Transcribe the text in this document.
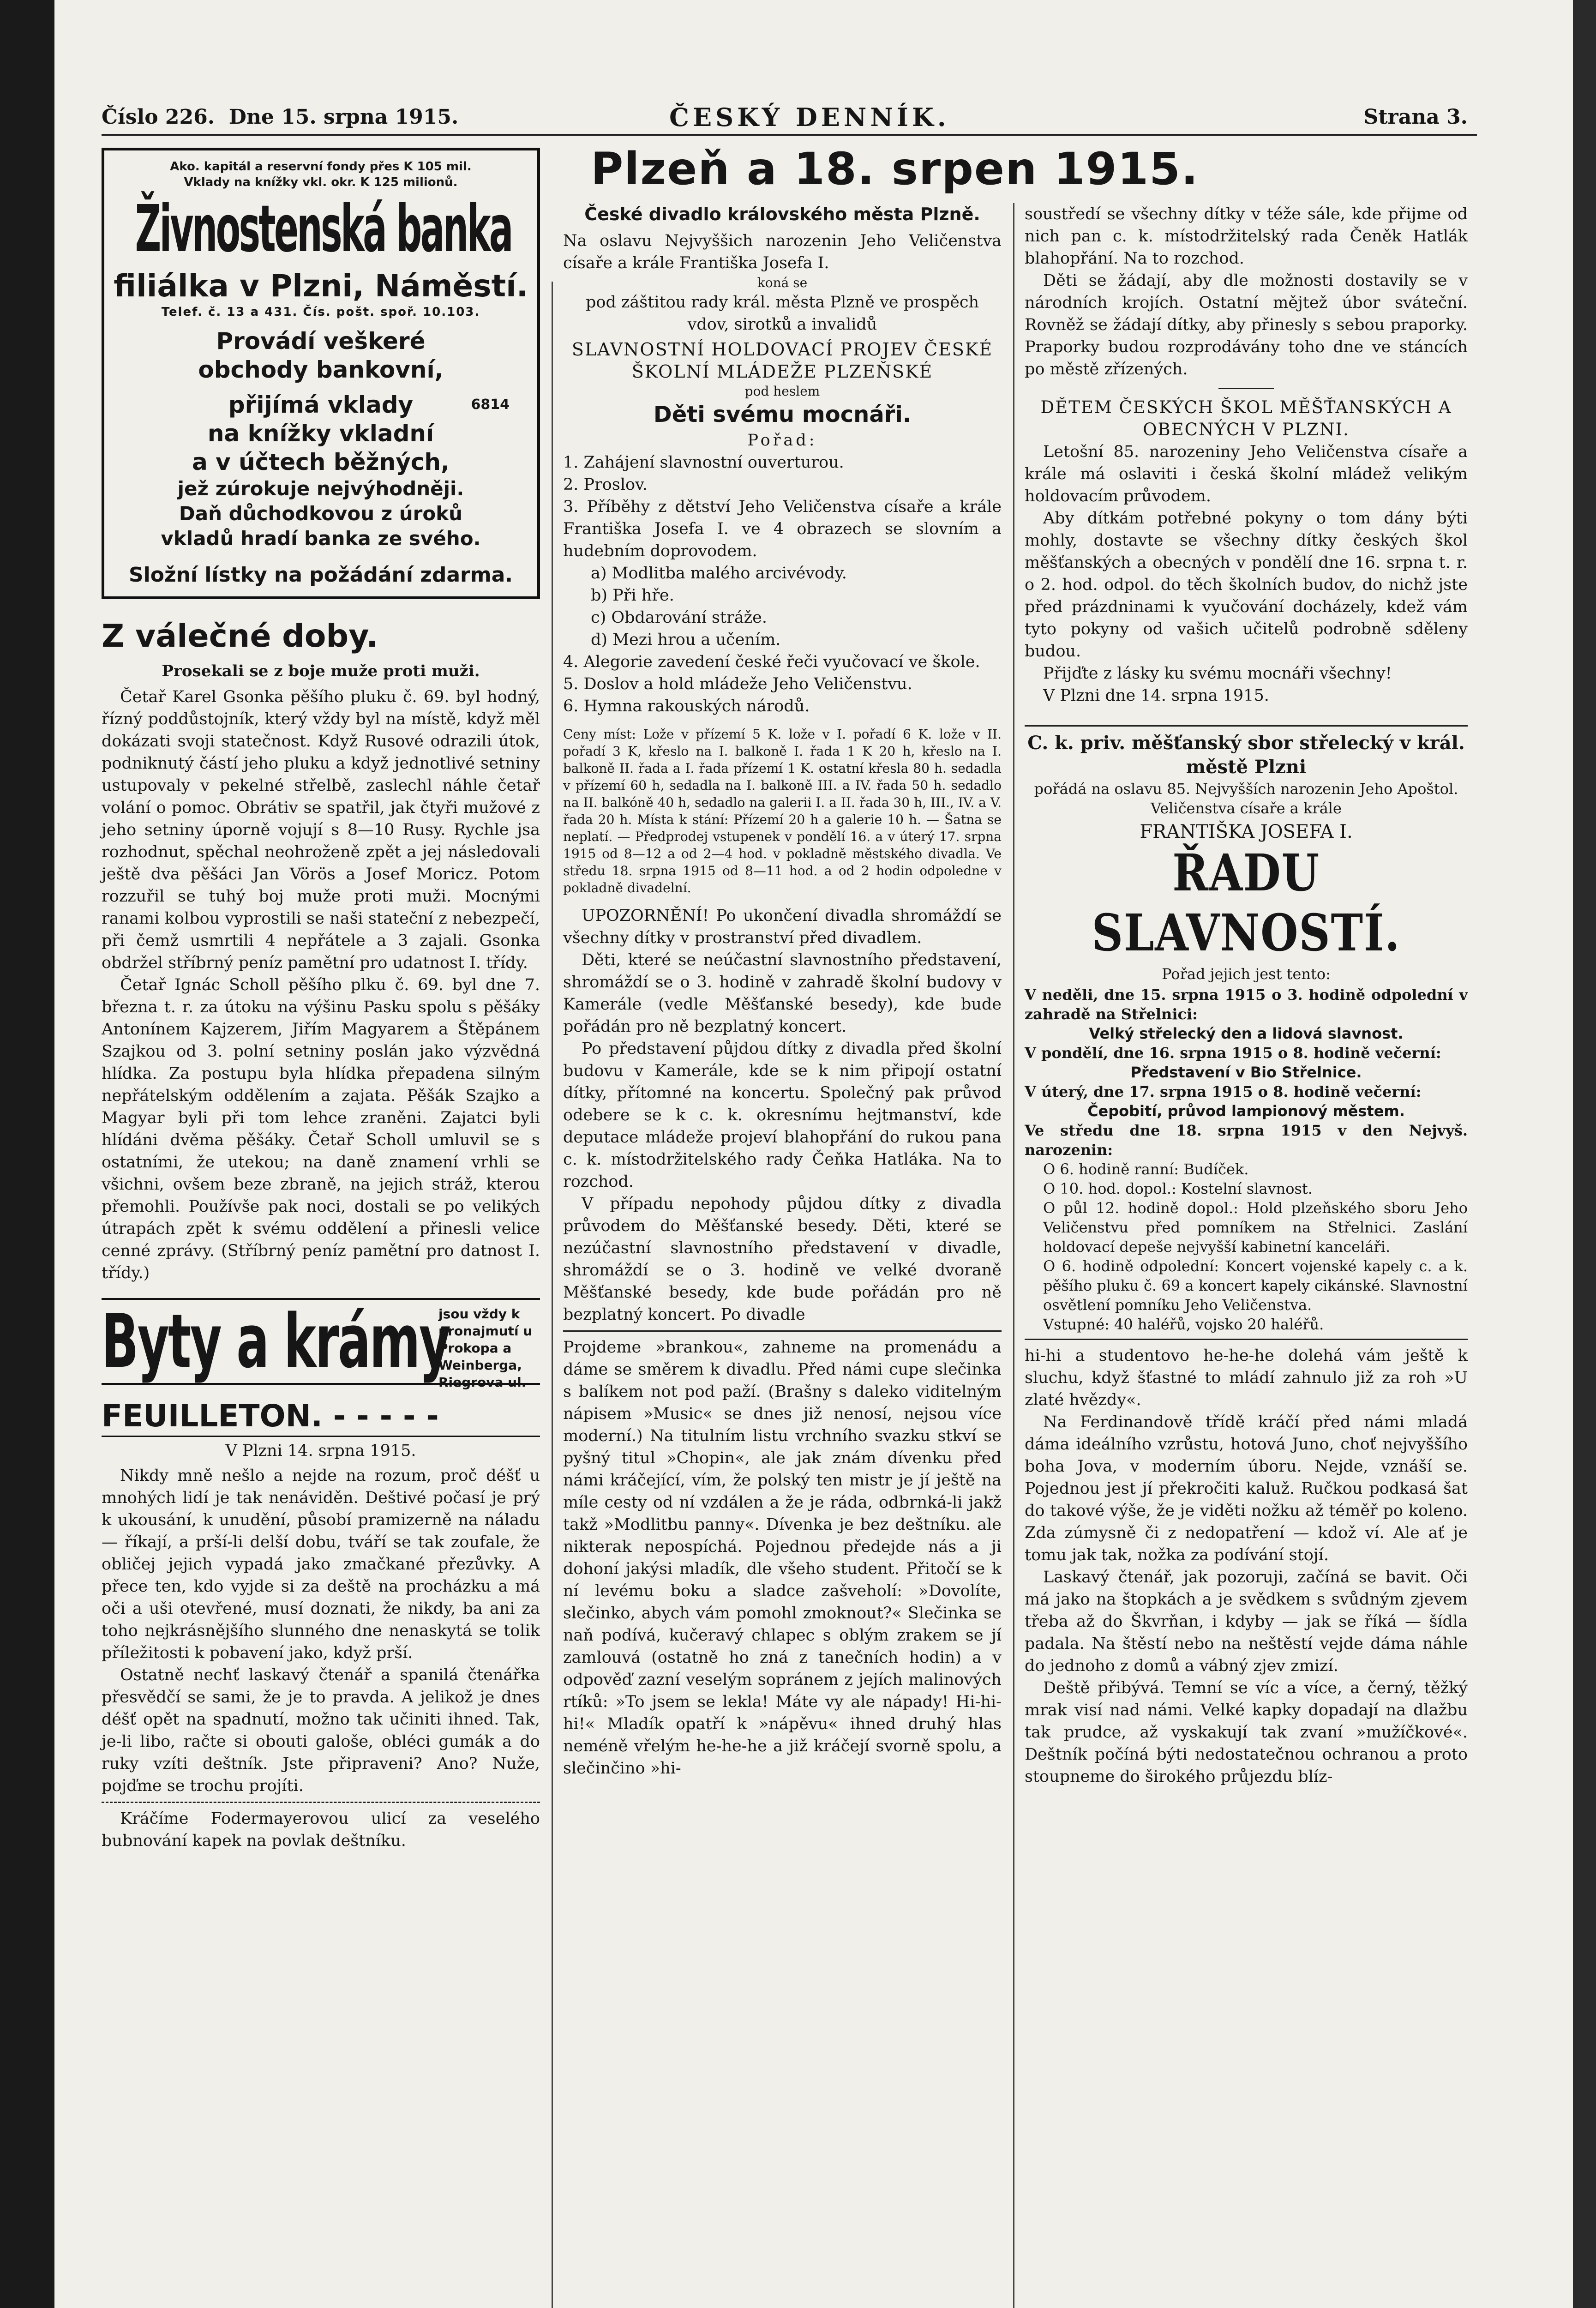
Číslo 226. Dne 15. srpna 1915.	ČESKÝ DENNÍK.	Strana 3.
Ako. kapitál a reservní fondy přes K 105 mil.
Vklady na knížky vkl. okr. K 125 milionů.
Živnostenská banka
filiálka v Plzni, Náměstí.
Telef. č. 13 a 431. Čís. pošt. spoř. 10.103.
Provádí veškeré
obchody bankovní,
přijímá vklady	6814
na knížky vkladní
a v účtech běžných,
jež zúrokuje nejvýhodněji.
Daň důchodkovou z úroků
vkladů hradí banka ze svého.
Složní lístky na požádání zdarma.
Z válečné doby.
Prosekali se z boje muže proti muži.

Četař Karel Gsonka pěšího pluku č. 69. byl hodný, řízný poddůstojník, který vždy byl na místě, když měl dokázati svoji statečnost. Když Rusové odrazili útok, podniknutý částí jeho pluku a když jednotlivé setniny ustupovaly v pekelné střelbě, zaslechl náhle četař volání o pomoc. Obrátiv se spatřil, jak čtyři mužové z jeho setniny úporně vojují s 8—10 Rusy. Rychle jsa rozhodnut, spěchal neohroženě zpět a jej následovali ještě dva pěšáci Jan Vörös a Josef Moricz. Potom rozzuřil se tuhý boj muže proti muži. Mocnými ranami kolbou vyprostili se naši stateční z nebezpečí, při čemž usmrtili 4 nepřátele a 3 zajali. Gsonka obdržel stříbrný peníz pamětní pro udatnost I. třídy.

Četař Ignác Scholl pěšího plku č. 69. byl dne 7. března t. r. za útoku na výšinu Pasku spolu s pěšáky Antonínem Kajzerem, Jiřím Magyarem a Štěpánem Szajkou od 3. polní setniny poslán jako výzvědná hlídka. Za postupu byla hlídka přepadena silným nepřátelským oddělením a zajata. Pěšák Szajko a Magyar byli při tom lehce zraněni. Zajatci byli hlídáni dvěma pěšáky. Četař Scholl umluvil se s ostatními, že utekou; na daně znamení vrhli se všichni, ovšem beze zbraně, na jejich stráž, kterou přemohli. Používše pak noci, dostali se po velikých útrapách zpět k svému oddělení a přinesli velice cenné zprávy. (Stříbrný peníz pamětní pro datnost I. třídy.)

Byty a krámy
jsou vždy k pronajmutí u Prokopa a Weinberga, Riegrova ul.
FEUILLETON. - - - - -
V Plzni 14. srpna 1915.

Nikdy mně nešlo a nejde na rozum, proč déšť u mnohých lidí je tak nenáviděn. Deštivé počasí je prý k ukousání, k unudění, působí pramizerně na náladu — říkají, a prší-li delší dobu, tváří se tak zoufale, že obličej jejich vypadá jako zmačkané přezůvky. A přece ten, kdo vyjde si za deště na procházku a má oči a uši otevřené, musí doznati, že nikdy, ba ani za toho nejkrásnějšího slunného dne nenaskytá se tolik příležitosti k pobavení jako, když prší.

Ostatně nechť laskavý čtenář a spanilá čtenářka přesvědčí se sami, že je to pravda. A jelikož je dnes déšť opět na spadnutí, možno tak učiniti ihned. Tak, je-li libo, račte si obouti galoše, obléci gumák a do ruky vzíti deštník. Jste připraveni? Ano? Nuže, pojďme se trochu projíti.

Kráčíme Fodermayerovou ulicí za veselého bubnování kapek na povlak deštníku.

Plzeň a 18. srpen 1915.
České divadlo královského města Plzně.

Na oslavu Nejvyššich narozenin Jeho Veličenstva císaře a krále Františka Josefa I.

koná se
pod záštitou rady král. města Plzně ve prospěch vdov, sirotků a invalidů
SLAVNOSTNÍ HOLDOVACÍ PROJEV ČESKÉ ŠKOLNÍ MLÁDEŽE PLZEŇSKÉ
pod heslem
Děti svému mocnáři.
Pořad:
1. Zahájení slavnostní ouverturou.
2. Proslov.
3. Příběhy z dětství Jeho Veličenstva císaře a krále Františka Josefa I. ve 4 obrazech se slovním a hudebním doprovodem.
a) Modlitba malého arcivévody.
b) Při hře.
c) Obdarování stráže.
d) Mezi hrou a učením.
4. Alegorie zavedení české řeči vyučovací ve škole.
5. Doslov a hold mládeže Jeho Veličenstvu.
6. Hymna rakouských národů.

Ceny míst: Lože v přízemí 5 K. lože v I. pořadí 6 K. lože v II. pořadí 3 K, křeslo na I. balkoně I. řada 1 K 20 h, křeslo na I. balkoně II. řada a I. řada přízemí 1 K. ostatní křesla 80 h. sedadla v přízemí 60 h, sedadla na I. balkoně III. a IV. řada 50 h. sedadlo na II. balkóně 40 h, sedadlo na galerii I. a II. řada 30 h, III., IV. a V. řada 20 h. Místa k stání: Přízemí 20 h a galerie 10 h. — Šatna se neplatí. — Předprodej vstupenek v pondělí 16. a v úterý 17. srpna 1915 od 8—12 a od 2—4 hod. v pokladně městského divadla. Ve středu 18. srpna 1915 od 8—11 hod. a od 2 hodin odpoledne v pokladně divadelní.

UPOZORNĚNÍ! Po ukončení divadla shromáždí se všechny dítky v prostranství před divadlem.

Děti, které se neúčastní slavnostního představení, shromáždí se o 3. hodině v zahradě školní budovy v Kamerále (vedle Měšťanské besedy), kde bude pořádán pro ně bezplatný koncert.

Po představení půjdou dítky z divadla před školní budovu v Kamerále, kde se k nim připojí ostatní dítky, přítomné na koncertu. Společný pak průvod odebere se k c. k. okresnímu hejtmanství, kde deputace mládeže projeví blahopřání do rukou pana c. k. místodržitelského rady Čeňka Hatláka. Na to rozchod.

V případu nepohody půjdou dítky z divadla průvodem do Měšťanské besedy. Děti, které se nezúčastní slavnostního představení v divadle, shromáždí se o 3. hodině ve velké dvoraně Měšťanské besedy, kde bude pořádán pro ně bezplatný koncert. Po divadle

Projdeme »brankou«, zahneme na promenádu a dáme se směrem k divadlu. Před námi cupe slečinka s balíkem not pod paží. (Brašny s daleko viditelným nápisem »Music« se dnes již nenosí, nejsou více moderní.) Na titulním listu vrchního svazku stkví se pyšný titul »Chopin«, ale jak znám dívenku před námi kráčející, vím, že polský ten mistr je jí ještě na míle cesty od ní vzdálen a že je ráda, odbrnká-li jakž takž »Modlitbu panny«. Dívenka je bez deštníku. ale nikterak nepospíchá. Pojednou předejde nás a ji dohoní jakýsi mladík, dle všeho student. Přitočí se k ní levému boku a sladce zašveholí: »Dovolíte, slečinko, abych vám pomohl zmoknout?« Slečinka se naň podívá, kučeravý chlapec s oblým zrakem se jí zamlouvá (ostatně ho zná z tanečních hodin) a v odpověď zazní veselým sopránem z jejích malinových rtíků: »To jsem se lekla! Máte vy ale nápady! Hi-hi-hi!« Mladík opatří k »nápěvu« ihned druhý hlas neméně vřelým he-he-he a již kráčejí svorně spolu, a slečinčino »hi-

soustředí se všechny dítky v téže sále, kde přijme od nich pan c. k. místodržitelský rada Čeněk Hatlák blahopřání. Na to rozchod.

Děti se žádají, aby dle možnosti dostavily se v národních krojích. Ostatní mějtež úbor sváteční. Rovněž se žádají dítky, aby přinesly s sebou praporky. Praporky budou rozprodávány toho dne ve stáncích po městě zřízených.

DĚTEM ČESKÝCH ŠKOL MĚŠŤANSKÝCH A OBECNÝCH V PLZNI.

Letošní 85. narozeniny Jeho Veličenstva císaře a krále má oslaviti i česká školní mládež velikým holdovacím průvodem.

Aby dítkám potřebné pokyny o tom dány býti mohly, dostavte se všechny dítky českých škol měšťanských a obecných v pondělí dne 16. srpna t. r. o 2. hod. odpol. do těch školních budov, do nichž jste před prázdninami k vyučování docházely, kdež vám tyto pokyny od vašich učitelů podrobně sděleny budou.

Přijďte z lásky ku svému mocnáři všechny!

V Plzni dne 14. srpna 1915.

C. k. priv. měšťanský sbor střelecký v král. městě Plzni
pořádá na oslavu 85. Nejvyšších narozenin Jeho Apoštol. Veličenstva císaře a krále
FRANTIŠKA JOSEFA I.
ŘADU SLAVNOSTÍ.
Pořad jejich jest tento:
V neděli, dne 15. srpna 1915 o 3. hodině odpolední v zahradě na Střelnici:
Velký střelecký den a lidová slavnost.
V pondělí, dne 16. srpna 1915 o 8. hodině večerní:
Představení v Bio Střelnice.
V úterý, dne 17. srpna 1915 o 8. hodině večerní:
Čepobití, průvod lampionový městem.
Ve středu dne 18. srpna 1915 v den Nejvyš. narozenin:
O 6. hodině ranní: Budíček.
O 10. hod. dopol.: Kostelní slavnost.
O půl 12. hodině dopol.: Hold plzeňského sboru Jeho Veličenstvu před pomníkem na Střelnici. Zaslání holdovací depeše nejvyšší kabinetní kanceláři.
O 6. hodině odpolední: Koncert vojenské kapely c. a k. pěšího pluku č. 69 a koncert kapely cikánské. Slavnostní osvětlení pomníku Jeho Veličenstva.
Vstupné: 40 haléřů, vojsko 20 haléřů.

hi-hi a studentovo he-he-he dolehá vám ještě k sluchu, když šťastné to mládí zahnulo již za roh »U zlaté hvězdy«.

Na Ferdinandově třídě kráčí před námi mladá dáma ideálního vzrůstu, hotová Juno, choť nejvyššího boha Jova, v moderním úboru. Nejde, vznáší se. Pojednou jest jí překročiti kaluž. Ručkou podkasá šat do takové výše, že je viděti nožku až téměř po koleno. Zda zúmysně či z nedopatření — kdož ví. Ale ať je tomu jak tak, nožka za podívání stojí.

Laskavý čtenář, jak pozoruji, začíná se bavit. Oči má jako na štopkách a je svědkem s svůdným zjevem třeba až do Škvrňan, i kdyby — jak se říká — šídla padala. Na štěstí nebo na neštěstí vejde dáma náhle do jednoho z domů a vábný zjev zmizí.

Deště přibývá. Temní se víc a více, a černý, těžký mrak visí nad námi. Velké kapky dopadají na dlažbu tak prudce, až vyskakují tak zvaní »mužíčkové«. Deštník počíná býti nedostatečnou ochranou a proto stoupneme do širokého průjezdu blíz-
